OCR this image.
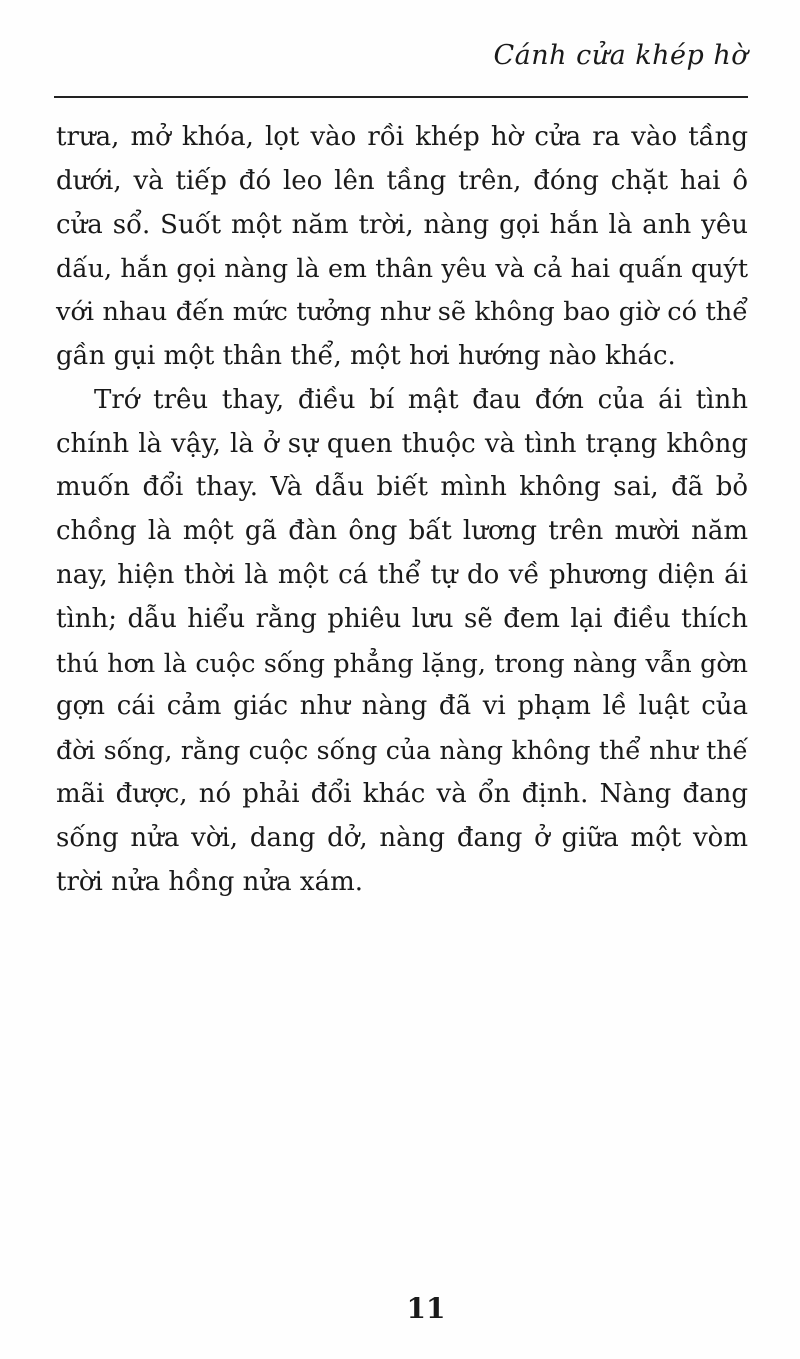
Cánh cửa khép hờ

trưa, mở khóa, lọt vào rồi khép hờ cửa ra vào tầng
dưới, và tiếp đó leo lên tầng trên, đóng chặt hai ô
cửa sổ. Suốt một năm trời, nàng gọi hắn là anh yêu
dấu, hắn gọi nàng là em thân yêu và cả hai quấn quýt
với nhau đến mức tưởng như sẽ không bao giờ có thể
gần gụi một thân thể, một hơi hướng nào khác.

Trớ trêu thay, điều bí mật đau đớn của ái tình
chính là vậy, là ở sự quen thuộc và tình trạng không
muốn đổi thay. Và dẫu biết mình không sai, đã bỏ
chồng là một gã đàn ông bất lương trên mười năm
nay, hiện thời là một cá thể tự do về phương diện ái
tình; dẫu hiểu rằng phiêu lưu sẽ đem lại điều thích
thú hơn là cuộc sống phẳng lặng, trong nàng vẫn gờn
gợn cái cảm giác như nàng đã vi phạm lề luật của
đời sống, rằng cuộc sống của nàng không thể như thế
mãi được, nó phải đổi khác và ổn định. Nàng đang
sống nửa vời, dang dở, nàng đang ở giữa một vòm
trời nửa hồng nửa xám.

11
